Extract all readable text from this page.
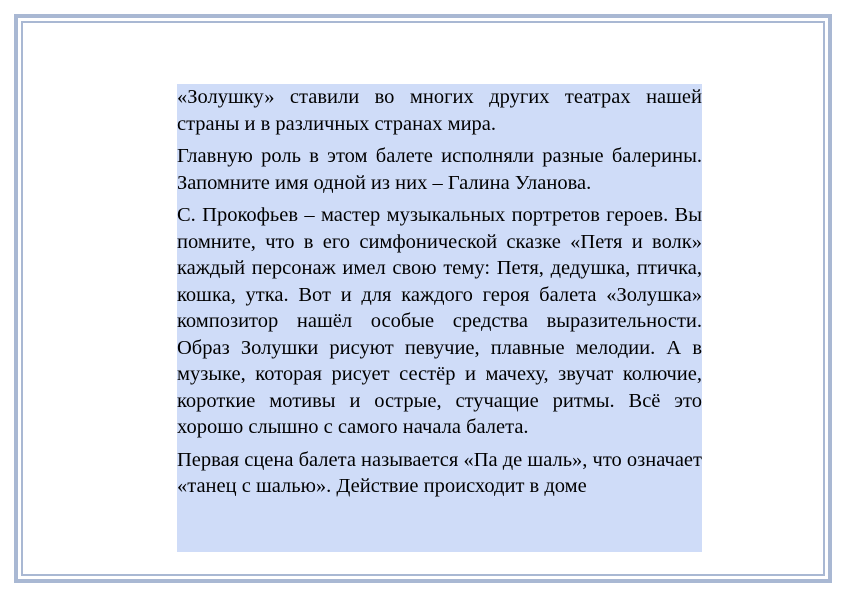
«Золушку» ставили во многих других театрах нашей страны и в различных странах мира.

Главную роль в этом балете исполняли разные балерины. Запомните имя одной из них – Галина Уланова.

С. Прокофьев – мастер музыкальных портретов героев. Вы помните, что в его симфонической сказке «Петя и волк» каждый персонаж имел свою тему: Петя, дедушка, птичка, кошка, утка. Вот и для каждого героя балета «Золушка» композитор нашёл особые средства выразительности. Образ Золушки рисуют певучие, плавные мелодии. А в музыке, которая рисует сестёр и мачеху, звучат колючие, короткие мотивы и острые, стучащие ритмы. Всё это хорошо слышно с самого начала балета.

Первая сцена балета называется «Па де шаль», что означает «танец с шалью». Действие происходит в доме
